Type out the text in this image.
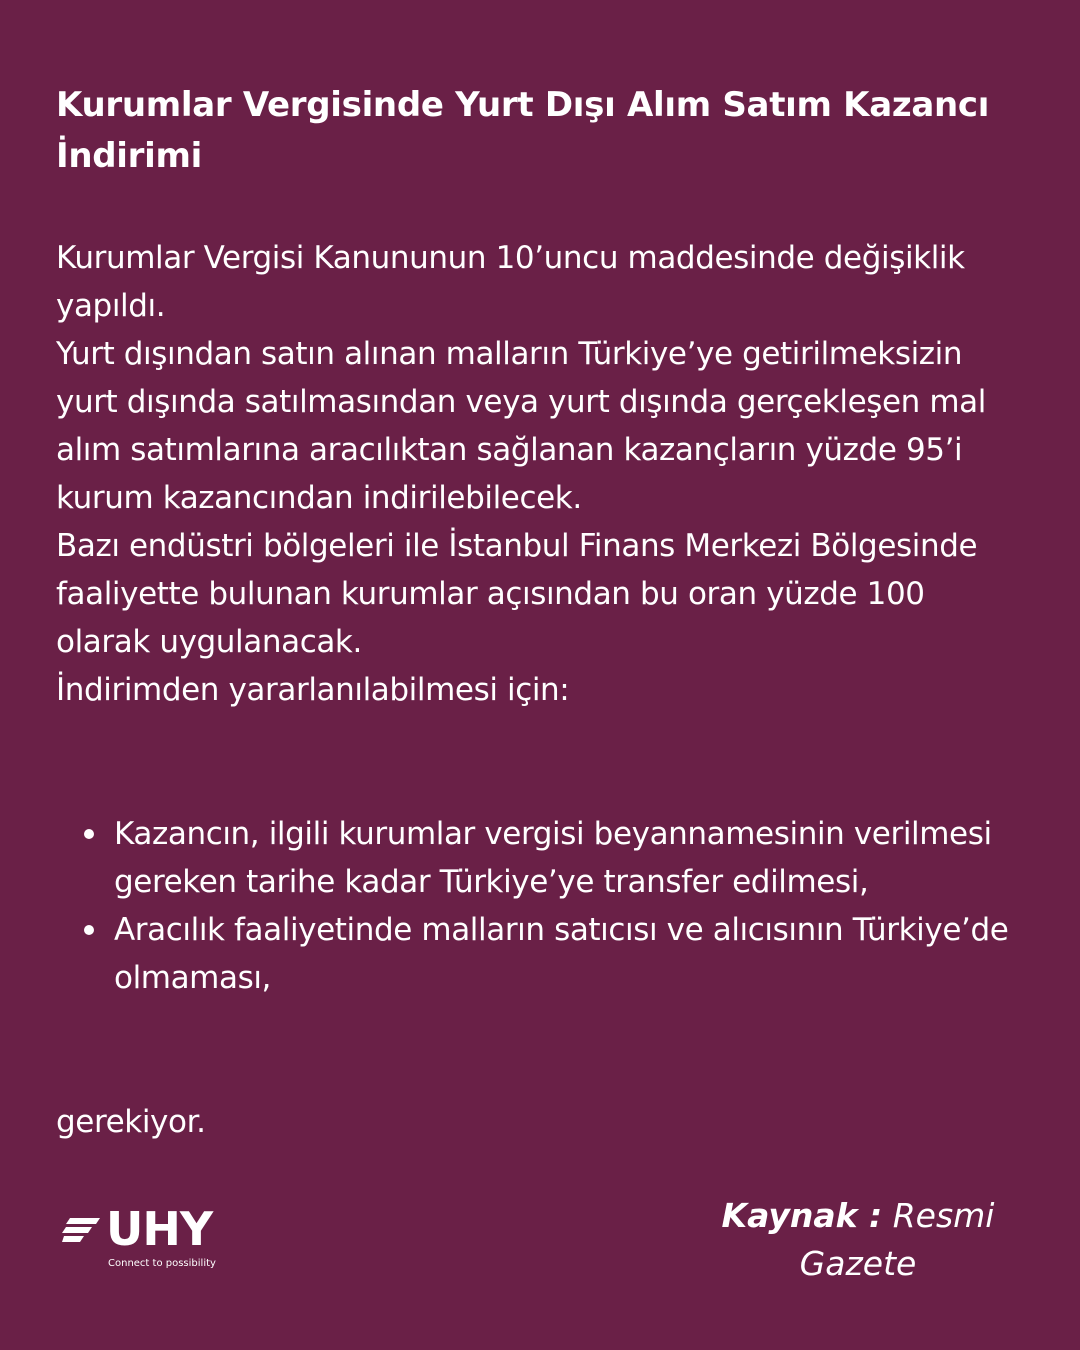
Kurumlar Vergisinde Yurt Dışı Alım Satım Kazancı İndirimi

Kurumlar Vergisi Kanununun 10’uncu maddesinde değişiklik yapıldı.

Yurt dışından satın alınan malların Türkiye’ye getirilmeksizin yurt dışında satılmasından veya yurt dışında gerçekleşen mal alım satımlarına aracılıktan sağlanan kazançların yüzde 95’i kurum kazancından indirilebilecek.

Bazı endüstri bölgeleri ile İstanbul Finans Merkezi Bölgesinde faaliyette bulunan kurumlar açısından bu oran yüzde 100 olarak uygulanacak.

İndirimden yararlanılabilmesi için:

Kazancın, ilgili kurumlar vergisi beyannamesinin verilmesi gereken tarihe kadar Türkiye’ye transfer edilmesi,
Aracılık faaliyetinde malların satıcısı ve alıcısının Türkiye’de olmaması,

gerekiyor.

UHY
Connect to possibility
Kaynak : Resmi Gazete
